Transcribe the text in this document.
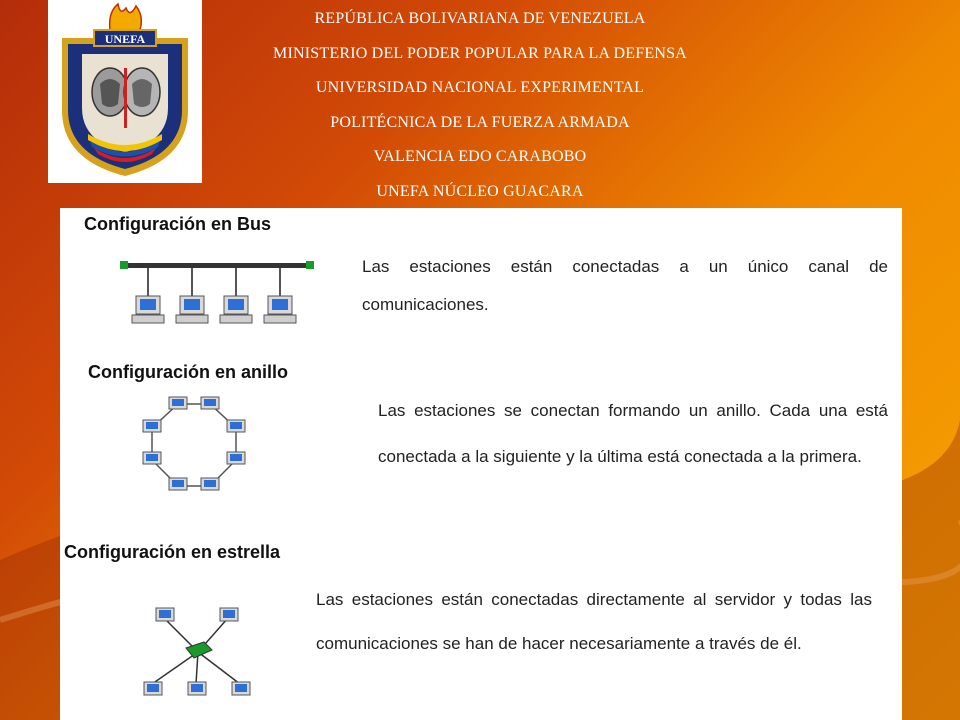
UNEFA
REPÚBLICA BOLIVARIANA DE VENEZUELA
MINISTERIO DEL PODER POPULAR PARA LA DEFENSA
UNIVERSIDAD NACIONAL EXPERIMENTAL
POLITÉCNICA DE LA FUERZA ARMADA
VALENCIA EDO CARABOBO
UNEFA NÚCLEO GUACARA
Configuración en Bus

Las estaciones están conectadas a un único canal de comunicaciones.

Configuración en anillo

Las estaciones se conectan formando un anillo. Cada una está conectada a la siguiente y la última está conectada a la primera.

Configuración en estrella

Las estaciones están conectadas directamente al servidor y todas las comunicaciones se han de hacer necesariamente a través de él.
